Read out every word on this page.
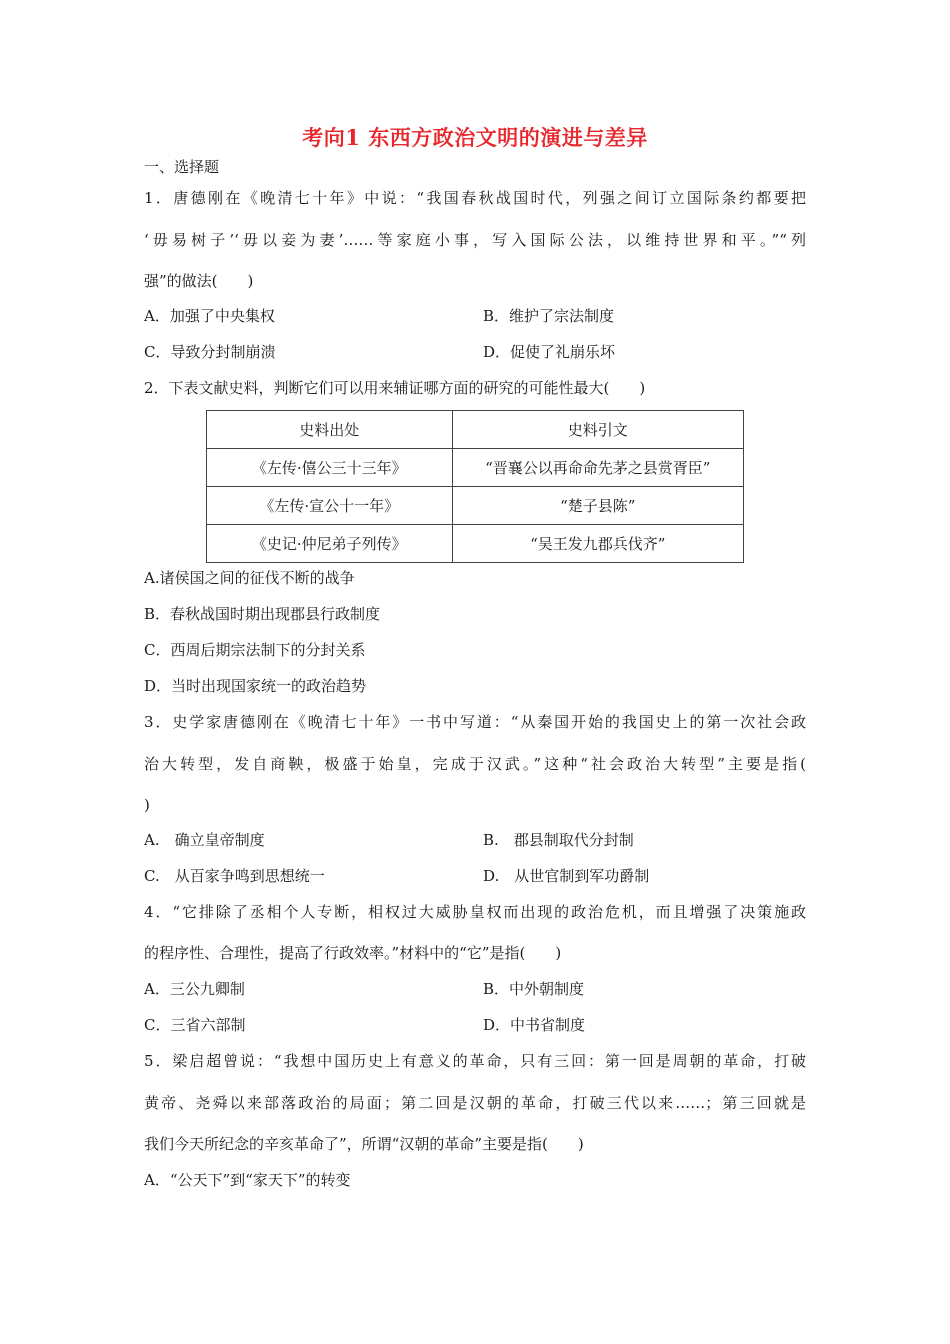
考向1 东西方政治文明的演进与差异
一、选择题
1．唐德刚在《晚清七十年》中说：“我国春秋战国时代，列强之间订立国际条约都要把
‘毋易树子’‘毋以妾为妻’……等家庭小事，写入国际公法，以维持世界和平。”“列
强”的做法(　　)
A．加强了中央集权	B．维护了宗法制度
C．导致分封制崩溃	D．促使了礼崩乐坏
2．下表文献史料，判断它们可以用来辅证哪方面的研究的可能性最大(　　)
史料出处	史料引文
《左传·僖公三十三年》	“晋襄公以再命命先茅之县赏胥臣”
《左传·宣公十一年》	“楚子县陈”
《史记·仲尼弟子列传》	“吴王发九郡兵伐齐”
A.诸侯国之间的征伐不断的战争
B．春秋战国时期出现郡县行政制度
C．西周后期宗法制下的分封关系
D．当时出现国家统一的政治趋势
3．史学家唐德刚在《晚清七十年》一书中写道：“从秦国开始的我国史上的第一次社会政
治大转型，发自商鞅，极盛于始皇，完成于汉武。”这种“社会政治大转型”主要是指(
)
A.　确立皇帝制度	B.　郡县制取代分封制
C.　从百家争鸣到思想统一	D.　从世官制到军功爵制
4．“它排除了丞相个人专断，相权过大威胁皇权而出现的政治危机，而且增强了决策施政
的程序性、合理性，提高了行政效率。”材料中的“它”是指(　　)
A．三公九卿制	B．中外朝制度
C．三省六部制	D．中书省制度
5．梁启超曾说：“我想中国历史上有意义的革命，只有三回：第一回是周朝的革命，打破
黄帝、尧舜以来部落政治的局面；第二回是汉朝的革命，打破三代以来……；第三回就是
我们今天所纪念的辛亥革命了”，所谓“汉朝的革命”主要是指(　　)
A．“公天下”到“家天下”的转变
